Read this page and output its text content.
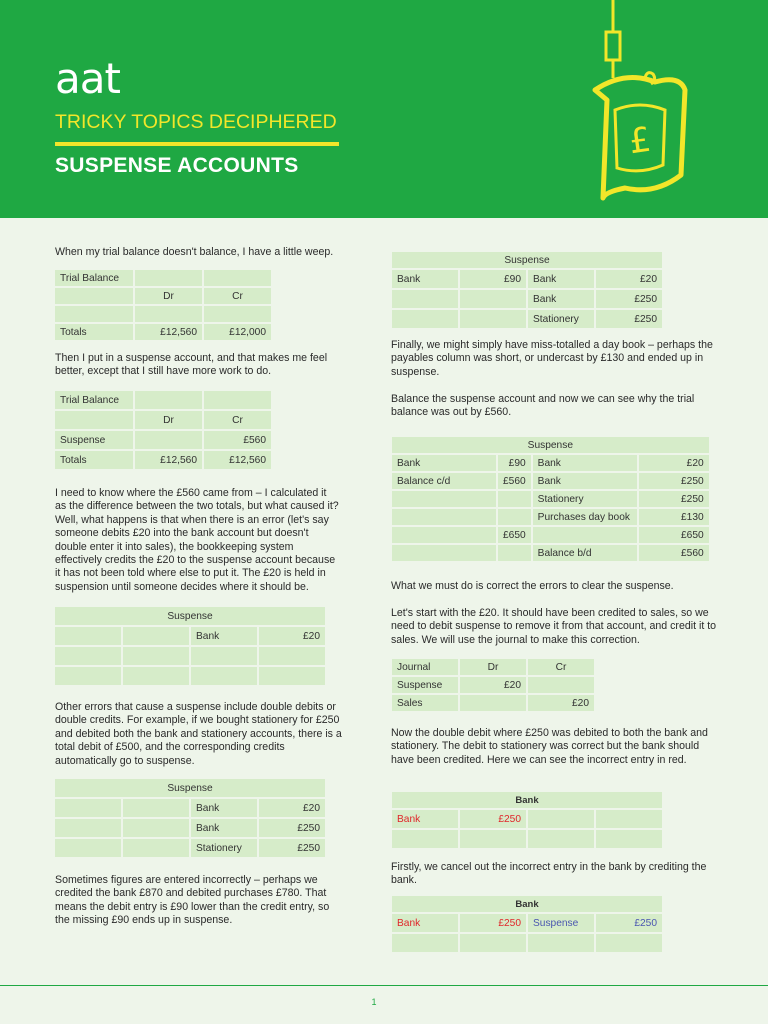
aat
TRICKY TOPICS DECIPHERED
SUSPENSE ACCOUNTS
£
When my trial balance doesn't balance, I have a little weep.
Trial Balance		
	Dr	Cr

Totals	£12,560	£12,000
Then I put in a suspense account, and that makes me feel better, except that I still have more work to do.
Trial Balance		
	Dr	Cr
Suspense		£560
Totals	£12,560	£12,560
I need to know where the £560 came from – I calculated it as the difference between the two totals, but what caused it? Well, what happens is that when there is an error (let's say someone debits £20 into the bank account but doesn't double enter it into sales), the bookkeeping system effectively credits the £20 to the suspense account because it has not been told where else to put it. The £20 is held in suspension until someone decides where it should be.
Suspense			
		Bank	£20

Other errors that cause a suspense include double debits or double credits. For example, if we bought stationery for £250 and debited both the bank and stationery accounts, there is a total debit of £500, and the corresponding credits automatically go to suspense.
Suspense			
		Bank	£20
		Bank	£250
		Stationery	£250
Sometimes figures are entered incorrectly – perhaps we credited the bank £870 and debited purchases £780. That means the debit entry is £90 lower than the credit entry, so the missing £90 ends up in suspense.
Suspense			
Bank	£90	Bank	£20
		Bank	£250
		Stationery	£250
Finally, we might simply have miss-totalled a day book – perhaps the payables column was short, or undercast by £130 and ended up in suspense.
Balance the suspense account and now we can see why the trial balance was out by £560.
Suspense			
Bank	£90	Bank	£20
Balance c/d	£560	Bank	£250
		Stationery	£250
		Purchases day book	£130
	£650		£650
		Balance b/d	£560
What we must do is correct the errors to clear the suspense.
Let's start with the £20. It should have been credited to sales, so we need to debit suspense to remove it from that account, and credit it to sales. We will use the journal to make this correction.
Journal	Dr	Cr
Suspense	£20	
Sales		£20
Now the double debit where £250 was debited to both the bank and stationery. The debit to stationery was correct but the bank should have been credited. Here we can see the incorrect entry in red.
Bank			
Bank	£250		

Firstly, we cancel out the incorrect entry in the bank by crediting the bank.
Bank			
Bank	£250	Suspense	£250

1
